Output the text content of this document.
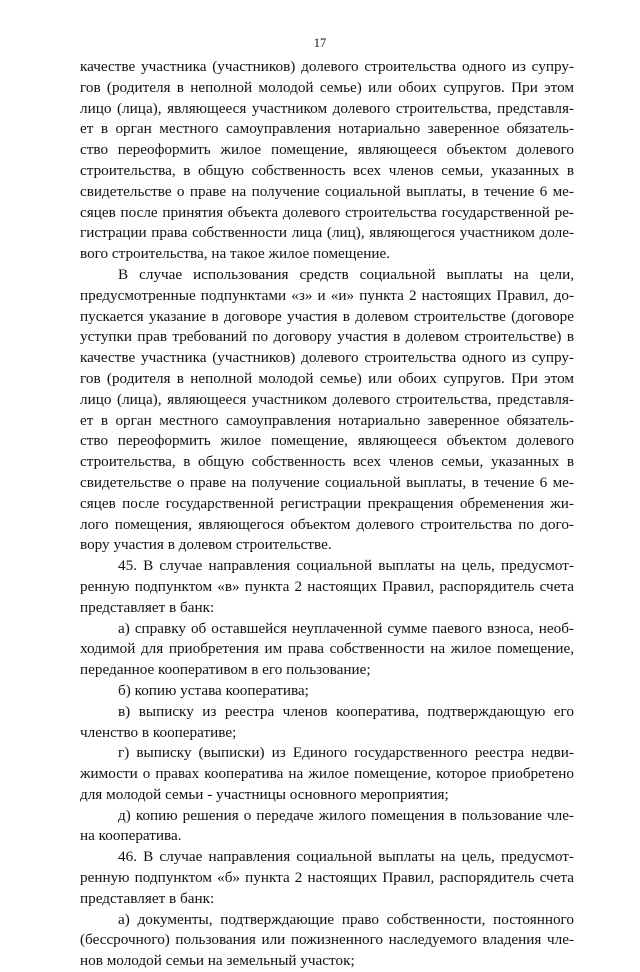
17

качестве участника (участников) долевого строительства одного из супру-
гов (родителя в неполной молодой семье) или обоих супругов. При этом
лицо (лица), являющееся участником долевого строительства, представля-
ет в орган местного самоуправления нотариально заверенное обязатель-
ство переоформить жилое помещение, являющееся объектом долевого
строительства, в общую собственность всех членов семьи, указанных в
свидетельстве о праве на получение социальной выплаты, в течение 6 ме-
сяцев после принятия объекта долевого строительства государственной ре-
гистрации права собственности лица (лиц), являющегося участником доле-
вого строительства, на такое жилое помещение.

В случае использования средств социальной выплаты на цели,
предусмотренные подпунктами «з» и «и» пункта 2 настоящих Правил, до-
пускается указание в договоре участия в долевом строительстве (договоре
уступки прав требований по договору участия в долевом строительстве) в
качестве участника (участников) долевого строительства одного из супру-
гов (родителя в неполной молодой семье) или обоих супругов. При этом
лицо (лица), являющееся участником долевого строительства, представля-
ет в орган местного самоуправления нотариально заверенное обязатель-
ство переоформить жилое помещение, являющееся объектом долевого
строительства, в общую собственность всех членов семьи, указанных в
свидетельстве о праве на получение социальной выплаты, в течение 6 ме-
сяцев после государственной регистрации прекращения обременения жи-
лого помещения, являющегося объектом долевого строительства по дого-
вору участия в долевом строительстве.

45. В случае направления социальной выплаты на цель, предусмот-
ренную подпунктом «в» пункта 2 настоящих Правил, распорядитель счета
представляет в банк:

а) справку об оставшейся неуплаченной сумме паевого взноса, необ-
ходимой для приобретения им права собственности на жилое помещение,
переданное кооперативом в его пользование;

б) копию устава кооператива;

в) выписку из реестра членов кооператива, подтверждающую его
членство в кооперативе;

г) выписку (выписки) из Единого государственного реестра недви-
жимости о правах кооператива на жилое помещение, которое приобретено
для молодой семьи - участницы основного мероприятия;

д) копию решения о передаче жилого помещения в пользование чле-
на кооператива.

46. В случае направления социальной выплаты на цель, предусмот-
ренную подпунктом «б» пункта 2 настоящих Правил, распорядитель счета
представляет в банк:

а) документы, подтверждающие право собственности, постоянного
(бессрочного) пользования или пожизненного наследуемого владения чле-
нов молодой семьи на земельный участок;
